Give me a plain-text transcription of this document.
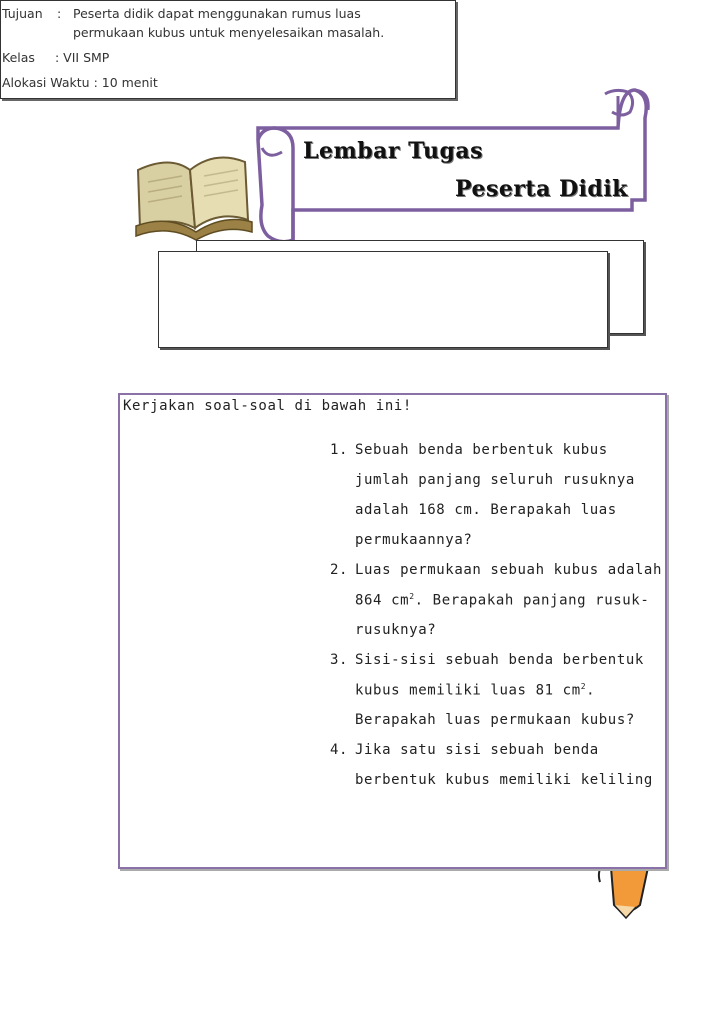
Lembar Tugas
Peserta Didik
Tujuan : Peserta didik dapat menggunakan rumus luas
permukaan kubus untuk menyelesaikan masalah.
Kelas : VII SMP
Alokasi Waktu : 10 menit
Kerjakan soal-soal di bawah ini!
1. Sebuah benda berbentuk kubus
jumlah panjang seluruh rusuknya
adalah 168 cm. Berapakah luas
permukaannya?
2. Luas permukaan sebuah kubus adalah
864 $cm^2$. Berapakah panjang rusuk-
rusuknya?
3. Sisi-sisi sebuah benda berbentuk
kubus memiliki luas 81 $cm^2$.
Berapakah luas permukaan kubus?
4. Jika satu sisi sebuah benda
berbentuk kubus memiliki keliling
